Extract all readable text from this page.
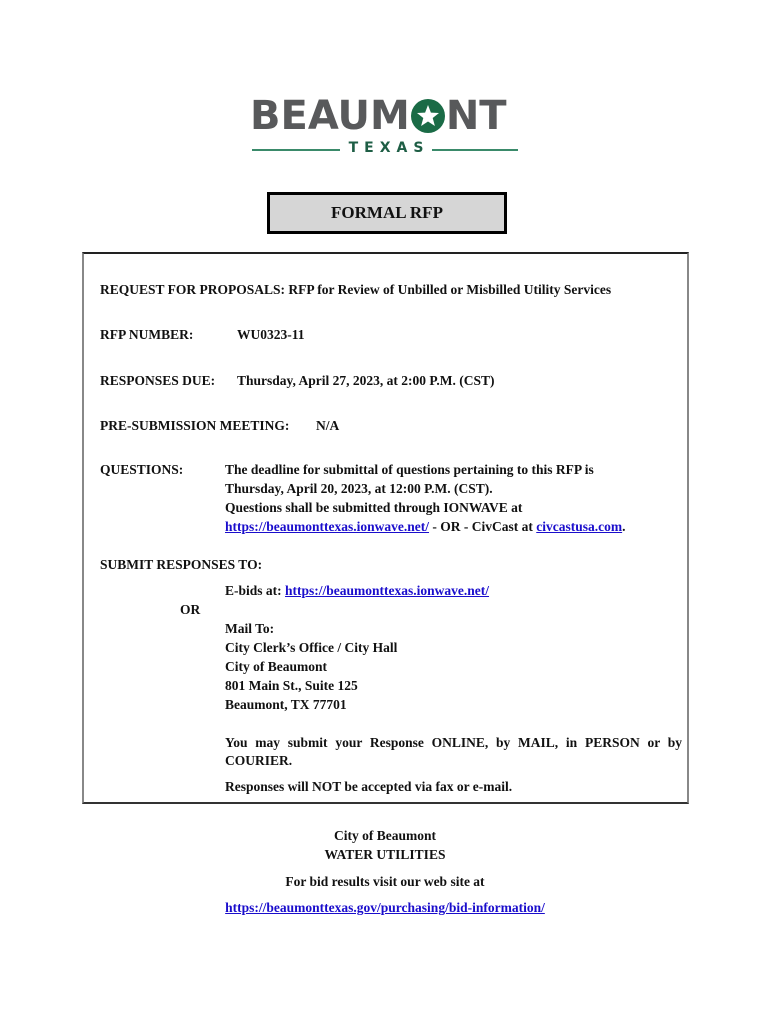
BEAUM NT
TEXAS
FORMAL RFP
REQUEST FOR PROPOSALS: RFP for Review of Unbilled or Misbilled Utility Services
RFP NUMBER:	WU0323-11
RESPONSES DUE: Thursday, April 27, 2023, at 2:00 P.M. (CST)
PRE-SUBMISSION MEETING: N/A
QUESTIONS:	The deadline for submittal of questions pertaining to this RFP is
Thursday, April 20, 2023, at 12:00 P.M. (CST).
Questions shall be submitted through IONWAVE at
https://beaumonttexas.ionwave.net/ - OR - CivCast at civcastusa.com.
SUBMIT RESPONSES TO:
E-bids at: https://beaumonttexas.ionwave.net/
OR
Mail To:
City Clerk’s Office / City Hall
City of Beaumont
801 Main St., Suite 125
Beaumont, TX 77701
You may submit your Response ONLINE, by MAIL, in PERSON or by
COURIER.
Responses will NOT be accepted via fax or e-mail.
City of Beaumont
WATER UTILITIES
For bid results visit our web site at
https://beaumonttexas.gov/purchasing/bid-information/
